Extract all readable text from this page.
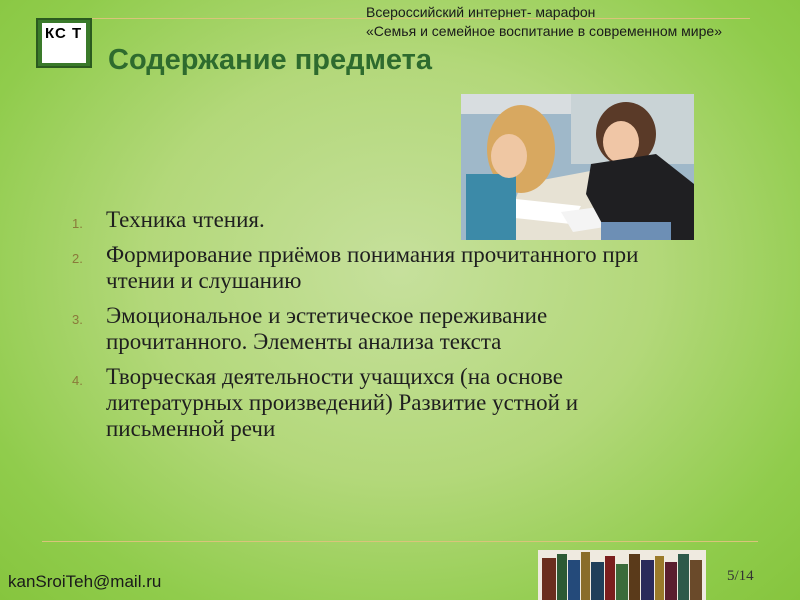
КС Т
Всероссийский интернет- марафон
«Семья и семейное воспитание в современном мире»
Содержание предмета
1. Техника чтения.
2. Формирование приёмов понимания прочитанного при чтении и слушанию
3. Эмоциональное и эстетическое переживание прочитанного. Элементы анализа текста
4. Творческая деятельности учащихся (на основе литературных произведений) Развитие устной и письменной речи
kanSroiTeh@mail.ru	5/14
